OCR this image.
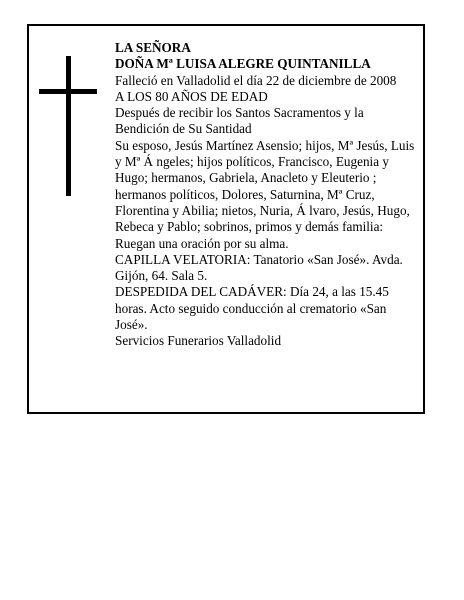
LA SEÑORA

DOÑA Mª LUISA ALEGRE QUINTANILLA

Falleció en Valladolid el día 22 de diciembre de 2008

A LOS 80 AÑOS DE EDAD

Después de recibir los Santos Sacramentos y la Bendición de Su Santidad

Su esposo, Jesús Martínez Asensio; hijos, Mª Jesús, Luis y Mª Á ngeles; hijos políticos, Francisco, Eugenia y Hugo; hermanos, Gabriela, Anacleto y Eleuterio ; hermanos políticos, Dolores, Saturnina, Mª Cruz, Florentina y Abilia; nietos, Nuria, Á lvaro, Jesús, Hugo, Rebeca y Pablo; sobrinos, primos y demás familia:

Ruegan una oración por su alma.

CAPILLA VELATORIA: Tanatorio «San José». Avda. Gijón, 64. Sala 5.

DESPEDIDA DEL CADÁVER: Día 24, a las 15.45 horas. Acto seguido conducción al crematorio «San José».

Servicios Funerarios Valladolid
